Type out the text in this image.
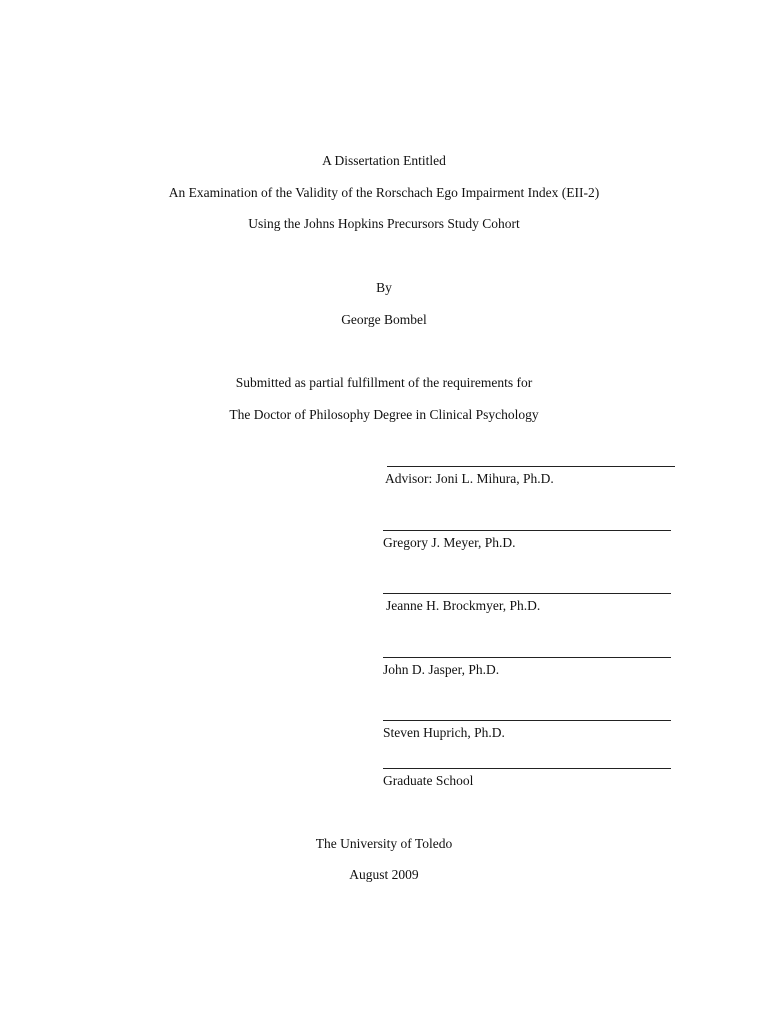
A Dissertation Entitled
An Examination of the Validity of the Rorschach Ego Impairment Index (EII-2)
Using the Johns Hopkins Precursors Study Cohort
By
George Bombel
Submitted as partial fulfillment of the requirements for
The Doctor of Philosophy Degree in Clinical Psychology
Advisor: Joni L. Mihura, Ph.D.
Gregory J. Meyer, Ph.D.
Jeanne H. Brockmyer, Ph.D.
John D. Jasper, Ph.D.
Steven Huprich, Ph.D.
Graduate School
The University of Toledo
August 2009
